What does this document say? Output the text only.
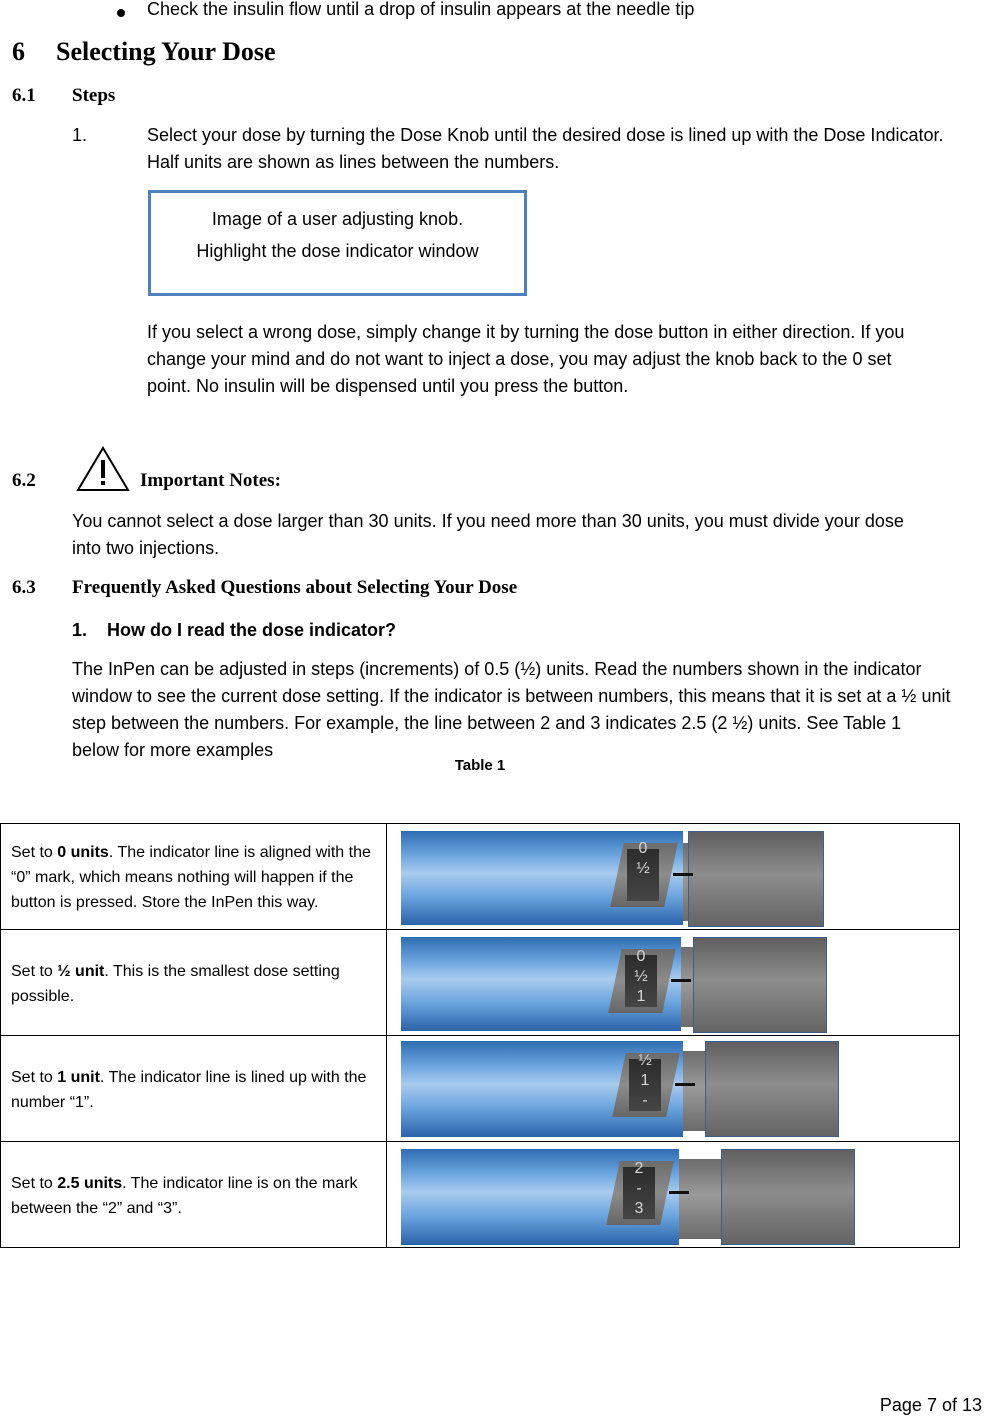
Check the insulin flow until a drop of insulin appears at the needle tip
6 Selecting Your Dose
6.1 Steps
1.	Select your dose by turning the Dose Knob until the desired dose is lined up with the Dose Indicator. Half units are shown as lines between the numbers.
Image of a user adjusting knob.
Highlight the dose indicator window
If you select a wrong dose, simply change it by turning the dose button in either direction. If you change your mind and do not want to inject a dose, you may adjust the knob back to the 0 set point. No insulin will be dispensed until you press the button.
6.2	Important Notes:
You cannot select a dose larger than 30 units. If you need more than 30 units, you must divide your dose into two injections.
6.3 Frequently Asked Questions about Selecting Your Dose
1.    How do I read the dose indicator?
The InPen can be adjusted in steps (increments) of 0.5 (½) units. Read the numbers shown in the indicator window to see the current dose setting. If the indicator is between numbers, this means that it is set at a ½ unit step between the numbers. For example, the line between 2 and 3 indicates 2.5 (2 ½) units. See Table 1 below for more examples
Table 1
Set to 0 units. The indicator line is aligned with the “0” mark, which means nothing will happen if the button is pressed. Store the InPen this way.	0
½

Set to ½ unit. This is the smallest dose setting possible.	0
½
1

Set to 1 unit. The indicator line is lined up with the number “1”.	½
1
-

Set to 2.5 units. The indicator line is on the mark between the “2” and “3”.	2
-
3
Page 7 of 13
